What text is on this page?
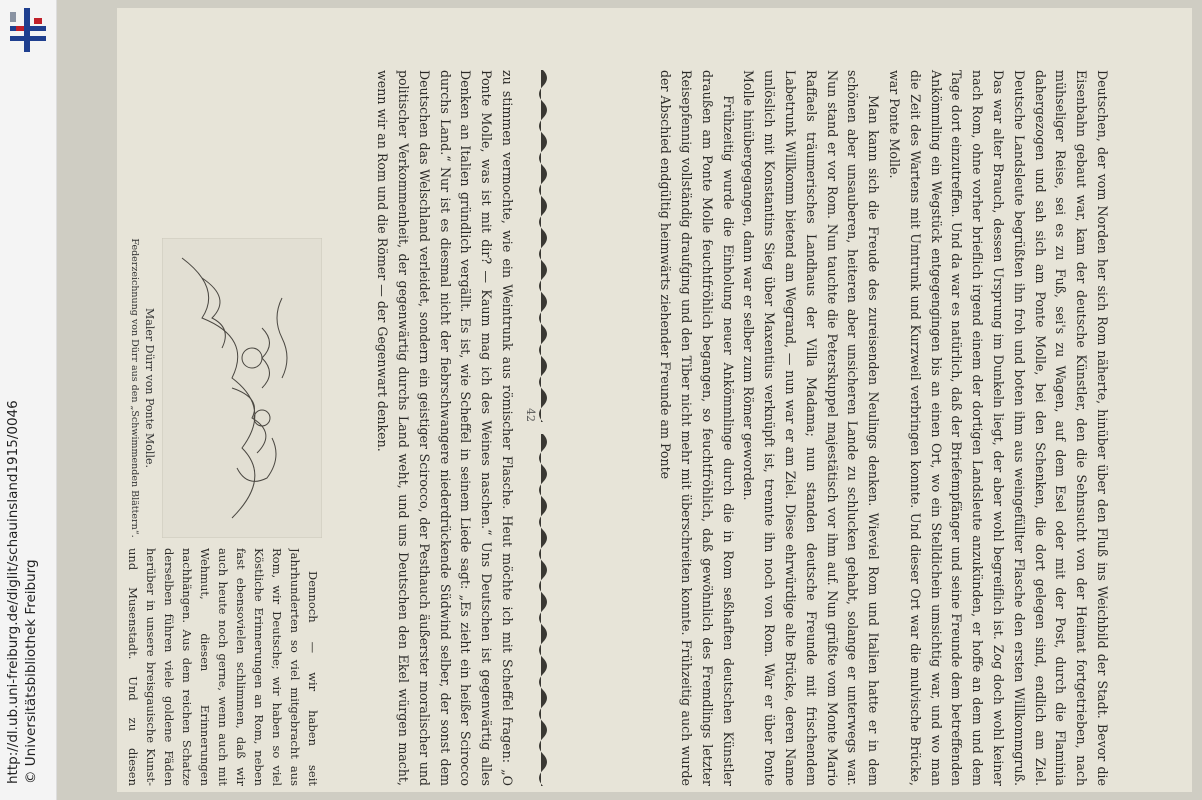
http://dl.ub.uni-freiburg.de/diglit/schauinsland1915/0046 © Universitätsbibliothek Freiburg	Deutschen, der vom Norden her sich Rom näherte, hinüber über den Fluß ins Weichbild der Stadt. Bevor die Eisenbahn gebaut war, kam der deutsche Künstler, den die Sehnsucht von der Heimat fortgetrieben, nach mühseliger Reise, sei es zu Fuß, sei's zu Wagen, auf dem Esel oder mit der Post, durch die Flaminia dahergezogen und sah sich am Ponte Molle, bei den Schenken, die dort gelegen sind, endlich am Ziel. Deutsche Landsleute begrüßten ihn froh und boten ihm aus weingefüllter Flasche den ersten Willkommgruß. Das war alter Brauch, dessen Ursprung im Dunkeln liegt, der aber wohl begreiflich ist. Zog doch wohl keiner nach Rom, ohne vorher brieflich irgend einem der dortigen Landsleute anzukünden, er hoffe an dem und dem Tage dort einzutreffen. Und da war es natürlich, daß der Briefempfänger und seine Freunde dem betreffenden Ankömmling ein Wegstück entgegengingen bis an einen Ort, wo ein Stelldichein umsichtig war, und wo man die Zeit des Wartens mit Umtrunk und Kurzweil verbringen konnte. Und dieser Ort war die mulvische Brücke, war Ponte Molle.

Man kann sich die Freude des zureisenden Neulings denken. Wieviel Rom und Italien hatte er in dem schönen aber unsauberen, heiteren aber unsicheren Lande zu schlucken gehabt, solange er unterwegs war. Nun stand er vor Rom. Nun tauchte die Peterskuppel majestätisch vor ihm auf. Nun grüßte vom Monte Mario Raffaels träumerisches Landhaus der Villa Madama; nun standen deutsche Freunde mit frischendem Labetrunk Willkomm bietend am Wegrand, — nun war er am Ziel. Diese ehrwürdige alte Brücke, deren Name unlöslich mit Konstantins Sieg über Maxentius verknüpft ist, trennte ihn noch von Rom. War er über Ponte Molle hinübergegangen, dann war er selber zum Römer geworden.

Frühzeitig wurde die Einholung neuer Ankömmlinge durch die in Rom seßhaften deutschen Künstler draußen am Ponte Molle feuchtfröhlich begangen, so feuchtfröhlich, daß gewöhnlich des Fremdlings letzter Reisepfennig vollständig draufging und den Tiber nicht mehr mit überschreiten konnte. Frühzeitig auch wurde der Abschied endgültig heimwärts ziehender Freunde am Ponte

zu stimmen vermochte, wie ein Weintrunk aus römischer Flasche. Heut möchte ich mit Scheffel fragen: „O Ponte Molle, was ist mit dir? — Kaum mag ich des Weines naschen.“ Uns Deutschen ist gegenwärtig alles Denken an Italien gründlich vergällt. Es ist, wie Scheffel in seinem Liede sagt: „Es zieht ein heißer Scirocco durchs Land.“ Nur ist es diesmal nicht der fiebrschwangere niederdrückende Südwind selber, der sonst dem Deutschen das Welschland verleidet, sondern ein geistiger Scirocco, der Pesthauch äußerster moralischer und politischer Verkommenheit, der gegenwärtig durchs Land weht, und uns Deutschen den Ekel würgen macht, wenn wir an Rom und die Römer — der Gegenwart denken.

Maler Dürr von Ponte Molle.
Federzeichnung von Dürr aus den „Schwimmenden Blättern“.

Dennoch — wir haben seit Jahrhunderten so viel mitgebracht aus Rom, wir Deutsche; wir haben so viel Köstliche Erinnerungen an Rom, neben fast ebensovielen schlimmen, daß wir auch heute noch gerne, wenn auch mit Wehmut, diesen Erinnerungen nachhängen. Aus dem reichen Schatze derselben führen viele goldene Fäden herüber in unsere breisgauische Kunst- und Musenstadt. Und zu diesen

42
